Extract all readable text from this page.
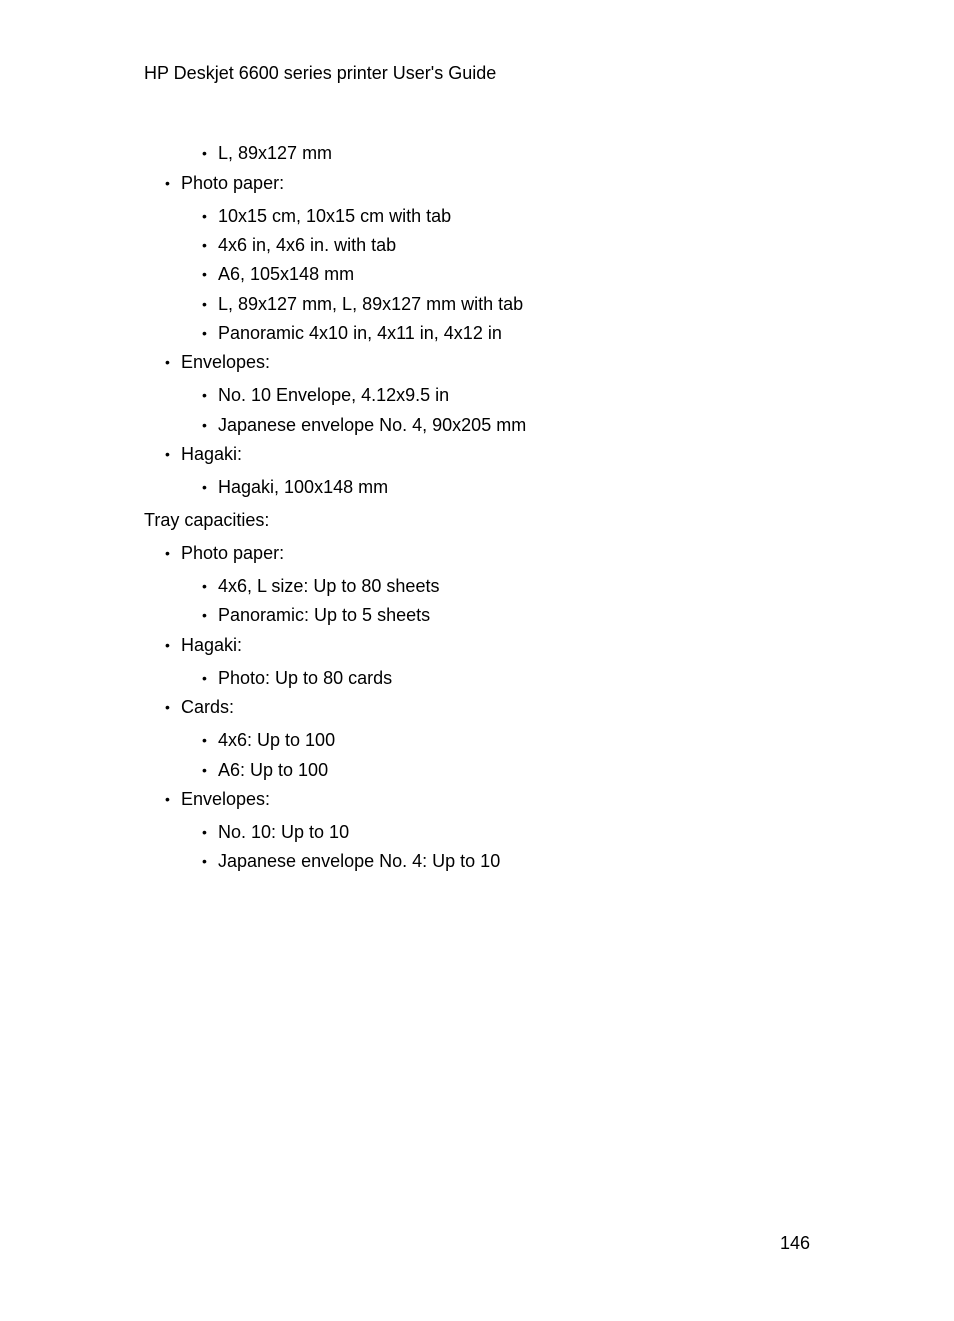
HP Deskjet 6600 series printer User's Guide
• L, 89x127 mm
• Photo paper:
• 10x15 cm, 10x15 cm with tab
• 4x6 in, 4x6 in. with tab
• A6, 105x148 mm
• L, 89x127 mm, L, 89x127 mm with tab
• Panoramic 4x10 in, 4x11 in, 4x12 in
• Envelopes:
• No. 10 Envelope, 4.12x9.5 in
• Japanese envelope No. 4, 90x205 mm
• Hagaki:
• Hagaki, 100x148 mm
Tray capacities:
• Photo paper:
• 4x6, L size: Up to 80 sheets
• Panoramic: Up to 5 sheets
• Hagaki:
• Photo: Up to 80 cards
• Cards:
• 4x6: Up to 100
• A6: Up to 100
• Envelopes:
• No. 10: Up to 10
• Japanese envelope No. 4: Up to 10
146
